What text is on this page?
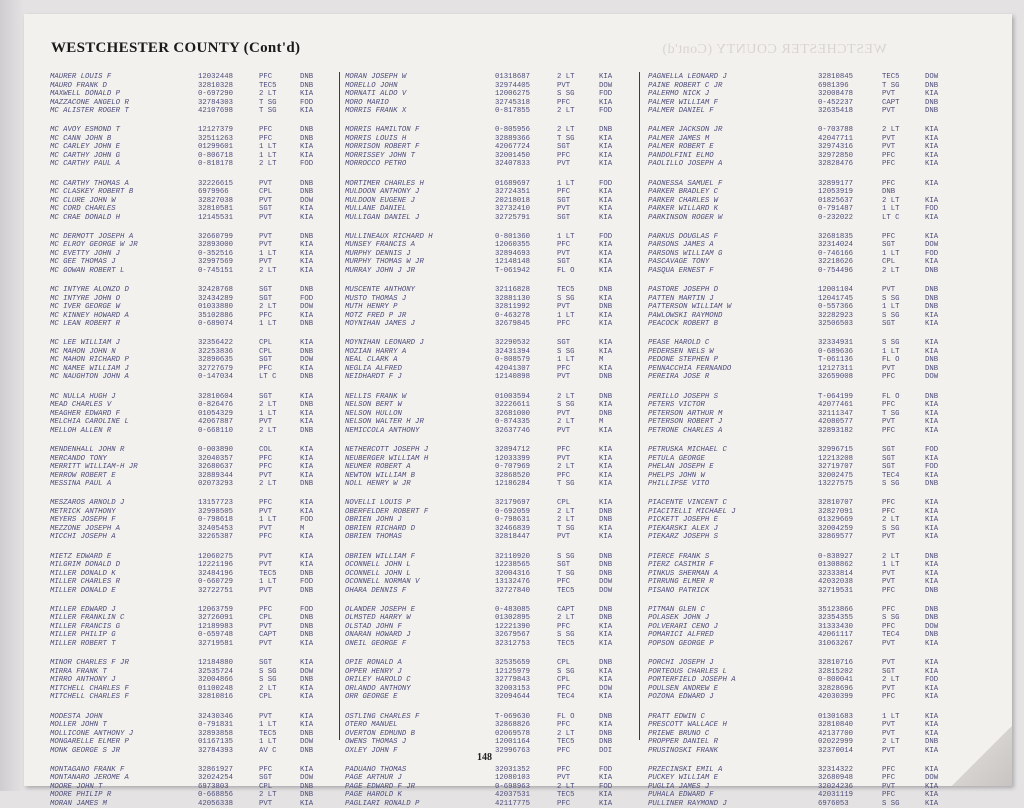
WESTCHESTER COUNTY (Cont'd)	WESTCHESTER COUNTY (Cont'd)
MAURER LOUIS F	12032448	PFC	DNB
MAURO FRANK D	32810328	TEC5	DNB
MAXWELL DONALD P	0-697290	2 LT	KIA
MAZZACONE ANGELO R	32784303	T SG	FOD
MC ALISTER ROGER T	42107698	T SG	KIA
MC AVOY ESMOND T	12127379	PFC	DNB
MC CANN JOHN B	32511263	PFC	DNB
MC CARLEY JOHN E	01299601	1 LT	KIA
MC CARTHY JOHN G	0-806718	1 LT	KIA
MC CARTHY PAUL A	0-818178	2 LT	FOD
MC CARTHY THOMAS A	32226615	PVT	DNB
MC CLASKEY ROBERT B	6979966	CPL	DNB
MC CLURE JOHN W	32827038	PVT	DOW
MC CORD CHARLES	32810581	SGT	KIA
MC CRAE DONALD H	12145531	PVT	KIA
MC DERMOTT JOSEPH A	32660799	PVT	DNB
MC ELROY GEORGE W JR	32893000	PVT	KIA
MC EVETTY JOHN J	0-352516	1 LT	KIA
MC GEE THOMAS J	32997569	PVT	KIA
MC GOWAN ROBERT L	0-745151	2 LT	KIA
MC INTYRE ALONZO D	32428768	SGT	DNB
MC INTYRE JOHN O	32434289	SGT	FOD
MC IVER GEORGE W	01033880	2 LT	DOW
MC KINNEY HOWARD A	35102886	PFC	KIA
MC LEAN ROBERT R	0-689074	1 LT	DNB
MC LEE WILLIAM J	32356422	CPL	KIA
MC MAHON JOHN N	32253836	CPL	DNB
MC MAHON RICHARD P	32890635	SGT	DOW
MC NAMEE WILLIAM J	32727679	PFC	KIA
MC NAUGHTON JOHN A	0-147034	LT C	DNB
MC NULLA HUGH J	32810604	SGT	KIA
MEAD CHARLES V	0-826476	2 LT	DNB
MEAGHER EDWARD F	01054329	1 LT	KIA
MELCHIA CAROLINE L	42067887	PVT	KIA
MELLOH ALLEN R	0-668110	2 LT	DNB
MENDENHALL JOHN R	0-003890	COL	KIA
MERCANDO TONY	32040357	PFC	KIA
MERRITT WILLIAM-H JR	32680637	PFC	KIA
MERROW ROBERT E	32889344	PVT	KIA
MESSINA PAUL A	02073293	2 LT	DNB
MESZAROS ARNOLD J	13157723	PFC	KIA
METRICK ANTHONY	32998505	PVT	KIA
MEYERS JOSEPH F	0-798618	1 LT	FOD
MEZZONE JOSEPH A	32405453	PVT	M
MICCHI JOSEPH A	32265387	PFC	KIA
MIETZ EDWARD E	12060275	PVT	KIA
MILGRIM DONALD D	12221196	PVT	KIA
MILLER DONALD K	32484196	TEC5	DNB
MILLER CHARLES R	0-660729	1 LT	FOD
MILLER DONALD E	32722751	PVT	DNB
MILLER EDWARD J	12063759	PFC	FOD
MILLER FRANKLIN C	32726091	CPL	DNB
MILLER FRANCIS G	12189983	PVT	DNB
MILLER PHILIP G	0-659748	CAPT	DNB
MILLER ROBERT T	32719581	PVT	KIA
MINOR CHARLES F JR	12184880	SGT	KIA
MIRRA FRANK T	32535724	S SG	DOW
MIRRO ANTHONY J	32004866	S SG	DNB
MITCHELL CHARLES F	01100248	2 LT	KIA
MITCHELL CHARLES F	32810816	CPL	KIA
MODESTA JOHN	32430346	PVT	KIA
MOLLER JOHN T	0-791831	1 LT	KIA
MOLLICONE ANTHONY J	32893858	TEC5	DNB
MONGARELLE ELMER P	01167135	1 LT	DOW
MONK GEORGE S JR	32784393	AV C	DNB
MONTAGANO FRANK F	32861927	PFC	KIA
MONTANARO JEROME A	32024254	SGT	DOW
MOORE JOHN T	6973803	CPL	DNB
MOORE PHILIP R	0-668856	2 LT	DNB
MORAN JAMES M	42056338	PVT	KIA
MORAN JOSEPH W	01318687	2 LT	KIA
MORELLO JOHN	32974405	PVT	DOW
MORNATI ALDO V	12006275	S SG	FOD
MORO MARIO	32745318	PFC	KIA
MORRIS FRANK X	0-817855	2 LT	FOD
MORRIS HAMILTON F	0-805956	2 LT	DNB
MORRIS LOUIS H	32889366	T SG	KIA
MORRISON ROBERT F	42067724	SGT	KIA
MORRISSEY JOHN T	32001450	PFC	KIA
MORROCCO PETRO	32407833	PVT	KIA
MORTIMER CHARLES H	01689697	1 LT	FOD
MULDOON ANTHONY J	32724351	PFC	KIA
MULDOON EUGENE J	20218018	SGT	KIA
MULLANE DANIEL	32732410	PVT	KIA
MULLIGAN DANIEL J	32725791	SGT	KIA
MULLINEAUX RICHARD H	0-801360	1 LT	FOD
MUNSEY FRANCIS A	12060355	PFC	KIA
MURPHY DENNIS J	32894693	PVT	KIA
MURPHY THOMAS W JR	12148148	SGT	KIA
MURRAY JOHN J JR	T-061942	FL O	KIA
MUSCENTE ANTHONY	32116828	TEC5	DNB
MUSTO THOMAS J	32881130	S SG	KIA
MUTH HENRY P	32811992	PVT	DNB
MOTZ FRED P JR	0-463278	1 LT	KIA
MOYNIHAN JAMES J	32679845	PFC	KIA
MOYNIHAN LEONARD J	32290532	SGT	KIA
MOZIAN HARRY A	32431394	S SG	KIA
NEAL CLARK A	0-808579	1 LT	M
NEGLIA ALFRED	42041307	PFC	KIA
NEIDHARDT F J	12140898	PVT	DNB
NELLIS FRANK W	01003594	2 LT	DNB
NELSON BERT W	32226611	S SG	KIA
NELSON HULLON	32681000	PVT	DNB
NELSON WALTER H JR	0-874335	2 LT	M
NEMICCOLA ANTHONY	32637746	PVT	KIA
NETHERCOTT JOSEPH J	32894712	PFC	KIA
NEUBERGER WILLIAM H	12033399	PVT	KIA
NEUMER ROBERT A	0-707969	2 LT	KIA
NEWTON WILLIAM B	32868520	PFC	KIA
NOLL HENRY W JR	12186284	T SG	KIA
NOVELLI LOUIS P	32179697	CPL	KIA
OBERFELDER ROBERT F	0-692059	2 LT	DNB
OBRIEN JOHN J	0-798631	2 LT	DNB
OBRIEN RICHARD D	32466839	T SG	KIA
OBRIEN THOMAS	32818447	PVT	KIA
OBRIEN WILLIAM F	32110920	S SG	DNB
OCONNELL JOHN L	12238565	SGT	DNB
OCONNELL JOHN L	32004316	T SG	DNB
OCONNELL NORMAN V	13132476	PFC	DOW
OHARA DENNIS F	32727840	TEC5	DOW
OLANDER JOSEPH E	0-483085	CAPT	DNB
OLMSTED HARRY W	01302895	2 LT	DNB
OLSTAD JOHN F	12221390	PFC	KIA
ONARAN HOWARD J	32679567	S SG	KIA
ONEIL GEORGE F	32312753	TEC5	KIA
OPIE RONALD A	32535659	CPL	DNB
OPPER HENRY J	12125979	S SG	KIA
ORILEY HAROLD C	32779843	CPL	KIA
ORLANDO ANTHONY	32003153	PFC	DOW
ORR GEORGE E	32094644	TEC4	KIA
OSTLING CHARLES F	T-069630	FL O	DNB
OTERO MANUEL	32868826	PFC	KIA
OVERTON EDMUND B	02069578	2 LT	DNB
OWENS THOMAS J	12001164	TEC5	DNB
OXLEY JOHN F	32996763	PFC	DOI
PADUANO THOMAS	32031352	PFC	FOD
PAGE ARTHUR J	12080103	PVT	KIA
PAGE EDWARD F JR	0-698963	2 LT	FOD
PAGE HAROLD K	42037531	TEC5	KIA
PAGLIARI RONALD P	42117775	PFC	KIA
PAGNELLA LEONARD J	32810845	TEC5	DOW
PAINE ROBERT C JR	6981396	T SG	DNB
PALERMO NICK J	32008478	PVT	KIA
PALMER WILLIAM F	0-452237	CAPT	DNB
PALMER DANIEL F	32635418	PVT	DNB
PALMER JACKSON JR	0-703788	2 LT	KIA
PALMER JAMES M	42047711	PVT	KIA
PALMER ROBERT E	32974316	PVT	KIA
PANDOLFINI ELMO	32972850	PFC	KIA
PAOLILLO JOSEPH A	32828476	PFC	KIA
PAONESSA SAMUEL F	32899177	PFC	KIA
PARKER BRADLEY C	12053919	DNB
PARKER CHARLES W	01825637	2 LT	KIA
PARKER WILLARD K	0-791487	1 LT	FOD
PARKINSON ROGER W	0-232022	LT C	KIA
PARKUS DOUGLAS F	32681835	PFC	KIA
PARSONS JAMES A	32314024	SGT	DOW
PARSONS WILLIAM G	0-746166	1 LT	FOD
PASCAVAGE TONY	32218626	CPL	KIA
PASQUA ERNEST F	0-754496	2 LT	DNB
PASTORE JOSEPH D	12001104	PVT	DNB
PATTEN MARTIN J	12041745	S SG	DNB
PATTERSON WILLIAM W	0-557366	1 LT	DNB
PAWLOWSKI RAYMOND	32282923	S SG	KIA
PEACOCK ROBERT B	32506503	SGT	KIA
PEASE HAROLD C	32334931	S SG	KIA
PEDERSEN NELS W	0-689636	1 LT	KIA
PEDONE STEPHEN P	T-061136	FL O	DNB
PENNACCHIA FERNANDO	12127311	PVT	DNB
PEREIRA JOSE R	32659008	PFC	DOW
PERILLO JOSEPH S	T-064199	FL O	DNB
PETERS VICTOR	42077461	PFC	KIA
PETERSON ARTHUR M	32111347	T SG	KIA
PETERSON ROBERT J	42080577	PVT	KIA
PETRONE CHARLES A	32893182	PFC	KIA
PETRUSKA MICHAEL C	32996715	SGT	FOD
PETULA GEORGE	12213208	SGT	KIA
PHELAN JOSEPH E	32719707	SGT	FOD
PHELPS JOHN W	32002475	TEC4	KIA
PHILLIPSE VITO	13227575	S SG	DNB
PIACENTE VINCENT C	32810707	PFC	KIA
PIACITELLI MICHAEL J	32827091	PFC	KIA
PICKETT JOSEPH E	01329669	2 LT	KIA
PIEKARSKI ALEX J	32004259	S SG	KIA
PIEKARZ JOSEPH S	32869577	PVT	KIA
PIERCE FRANK S	0-838927	2 LT	DNB
PIERZ CASIMIR F	01308862	1 LT	KIA
PINKUS SHERMAN A	32333814	PVT	KIA
PIRRUNG ELMER R	42032038	PVT	KIA
PISANO PATRICK	32719531	PFC	DNB
PITMAN GLEN C	35123866	PFC	DNB
POLASEK JOHN J	32354355	S SG	DNB
POLVERARI CENO J	31333430	PFC	DOW
POMARICI ALFRED	42061117	TEC4	DNB
POPSON GEORGE P	31063267	PVT	KIA
PORCHI JOSEPH J	32810716	PVT	KIA
PORTEOUS CHARLES L	32815202	SGT	KIA
PORTERFIELD JOSEPH A	0-800041	2 LT	FOD
POULSEN ANDREW E	32828696	PVT	KIA
POZONA EDWARD J	42030399	PFC	KIA
PRATT EDWIN C	01301683	1 LT	KIA
PRESCOTT WALLACE H	32810840	PVT	KIA
PRIEWE BRUNO C	42137700	PVT	KIA
PROPPER DANIEL R	02022999	2 LT	DNB
PRUSINOSKI FRANK	32370014	PVT	KIA
PRZECINSKI EMIL A	32314322	PFC	KIA
PUCKEY WILLIAM E	32680948	PFC	DOW
PUGLIA JAMES J	32024236	PVT	KIA
PUHALA EDWARD F	42031119	PFC	KIA
PULLINER RAYMOND J	6976053	S SG	KIA
148
